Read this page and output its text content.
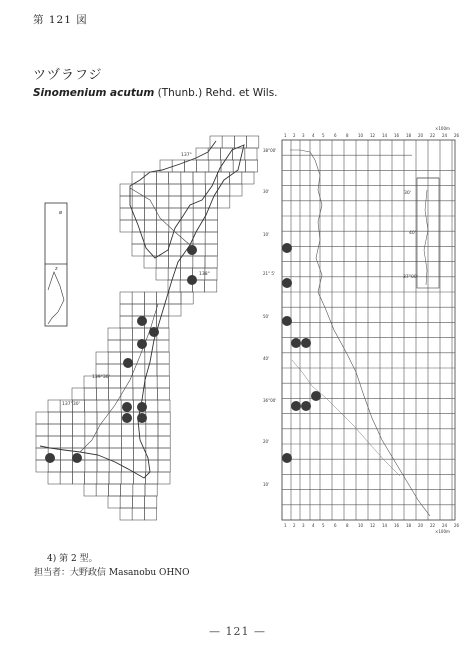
第 121 図
ツヅラフジ
Sinomenium acutum (Thunb.) Rehd. et Wils.
ø
z
137°
138°
139°30'
137°30'
30'
40'
37°00'
1
1
2
2
3
3
4
4
5
5
6
6
8
8
10
10
12
12
14
14
16
16
18
18
20
20
22
22
24
24
26
26
×100m
×100m
38°00'
30'
10'
21° 5'
50'
40'
36°00'
20'
10'
4) 第 2 型。
担当者：大野政信 Masanobu OHNO
— 121 —
